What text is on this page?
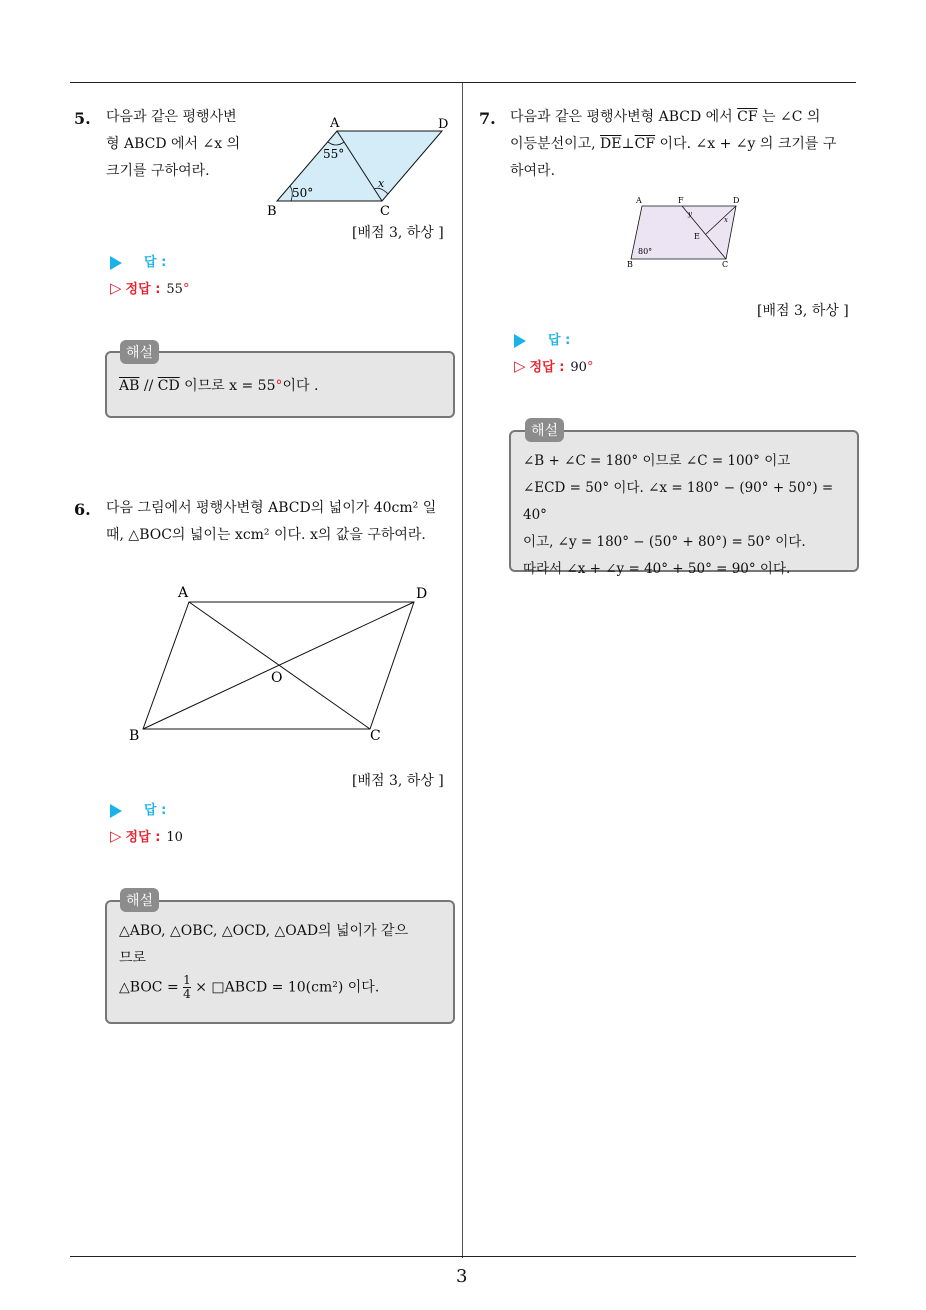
3
5. 다음과 같은 평행사변
형 ABCD 에서 ∠x 의
크기를 구하여라.
A	D
B	C
55°
50°
x
[배점 3, 하상 ]
답 :
▷ 정답 : 55°
$\overline{AB} // \overline{CD}$ 이므로 x = 55°이다 .
해설
6. 다음 그림에서 평행사변형 ABCD의 넓이가 40cm² 일
때, △BOC의 넓이는 xcm² 이다. x의 값을 구하여라.
A	D
B	C
O
[배점 3, 하상 ]
답 :
▷ 정답 : 10
△ABO, △OBC, △OCD, △OAD의 넓이가 같으
므로
△BOC = $\frac{1}{4}$ × □ABCD = 10(cm²) 이다.
해설
7. 다음과 같은 평행사변형 ABCD 에서 $\overline{CF}$ 는 ∠C 의
이등분선이고, $\overline{DE}\perp\overline{CF}$ 이다. ∠x + ∠y 의 크기를 구
하여라.
A	F	D
E
B	C
80°
y
x
[배점 3, 하상 ]
답 :
▷ 정답 : 90°
∠B + ∠C = 180° 이므로 ∠C = 100° 이고
∠ECD = 50° 이다. ∠x = 180° − (90° + 50°) = 40°
이고, ∠y = 180° − (50° + 80°) = 50° 이다.
따라서 ∠x + ∠y = 40° + 50° = 90° 이다.
해설
